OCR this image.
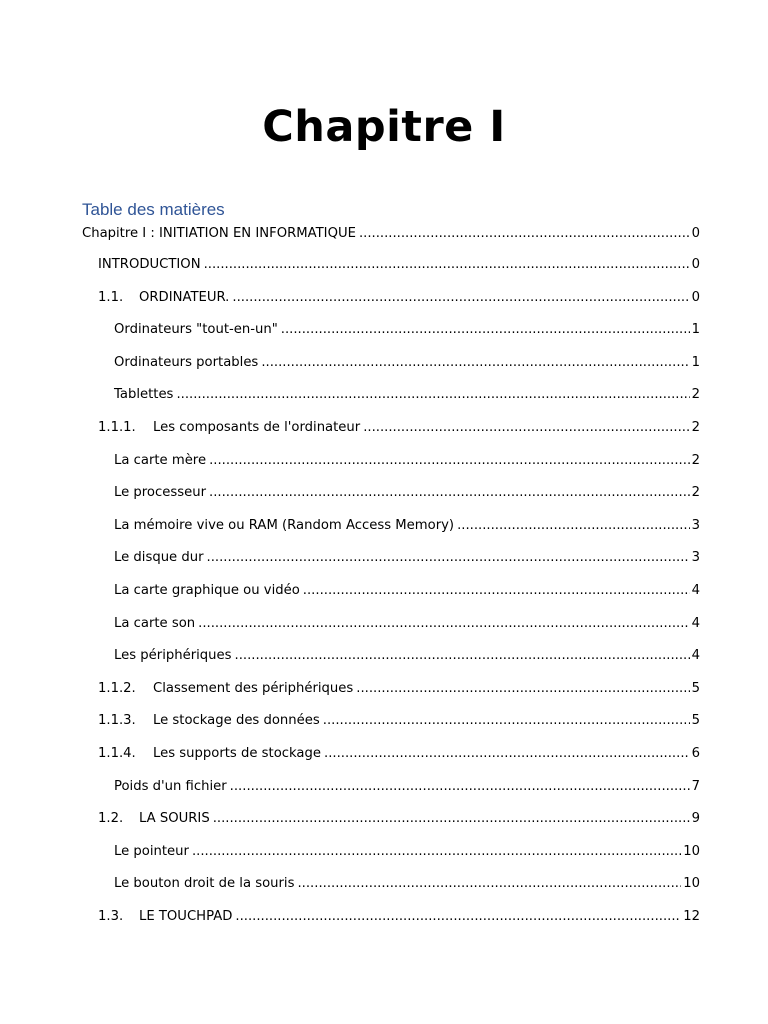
Chapitre I
Table des matières
Chapitre I : INITIATION EN INFORMATIQUE .....	0
INTRODUCTION .....	0
1.1.	ORDINATEUR. .....	0
Ordinateurs "tout-en-un" .....	1
Ordinateurs portables .....	1
Tablettes .....	2
1.1.1.	Les composants de l'ordinateur .....	2
La carte mère .....	2
Le processeur .....	2
La mémoire vive ou RAM (Random Access Memory) .....	3
Le disque dur .....	3
La carte graphique ou vidéo .....	4
La carte son .....	4
Les périphériques .....	4
1.1.2.	Classement des périphériques .....	5
1.1.3.	Le stockage des données .....	5
1.1.4.	Les supports de stockage .....	6
Poids d'un fichier .....	7
1.2.	LA SOURIS .....	9
Le pointeur .....	10
Le bouton droit de la souris .....	10
1.3.	LE TOUCHPAD .....	12
